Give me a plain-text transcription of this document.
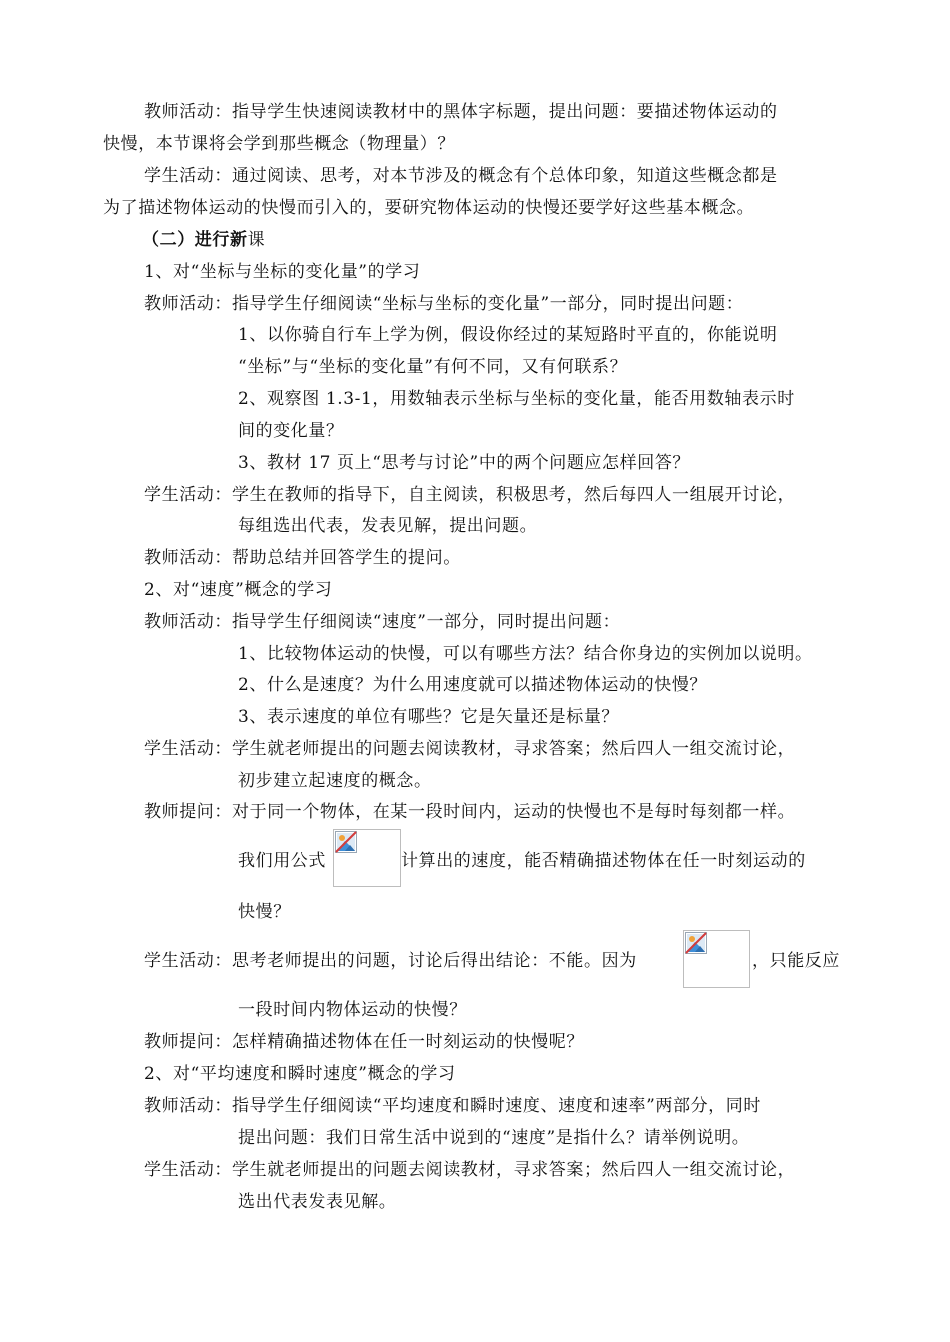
教师活动：指导学生快速阅读教材中的黑体字标题，提出问题：要描述物体运动的
快慢，本节课将会学到那些概念（物理量）？
学生活动：通过阅读、思考，对本节涉及的概念有个总体印象，知道这些概念都是
为了描述物体运动的快慢而引入的，要研究物体运动的快慢还要学好这些基本概念。
（二）进行新课
1、对“坐标与坐标的变化量”的学习
教师活动：指导学生仔细阅读“坐标与坐标的变化量”一部分，同时提出问题：
1、以你骑自行车上学为例，假设你经过的某短路时平直的，你能说明
“坐标”与“坐标的变化量”有何不同，又有何联系？
2、观察图 1.3-1，用数轴表示坐标与坐标的变化量，能否用数轴表示时
间的变化量？
3、教材 17 页上“思考与讨论”中的两个问题应怎样回答？
学生活动：学生在教师的指导下，自主阅读，积极思考，然后每四人一组展开讨论，
每组选出代表，发表见解，提出问题。
教师活动：帮助总结并回答学生的提问。
2、对“速度”概念的学习
教师活动：指导学生仔细阅读“速度”一部分，同时提出问题：
1、比较物体运动的快慢，可以有哪些方法？结合你身边的实例加以说明。
2、什么是速度？为什么用速度就可以描述物体运动的快慢？
3、表示速度的单位有哪些？它是矢量还是标量？
学生活动：学生就老师提出的问题去阅读教材，寻求答案；然后四人一组交流讨论，
初步建立起速度的概念。
教师提问：对于同一个物体，在某一段时间内，运动的快慢也不是每时每刻都一样。
我们用公式	计算出的速度，能否精确描述物体在任一时刻运动的
快慢？
学生活动：思考老师提出的问题，讨论后得出结论：不能。因为	，只能反应
一段时间内物体运动的快慢？
教师提问：怎样精确描述物体在任一时刻运动的快慢呢？
2、对“平均速度和瞬时速度”概念的学习
教师活动：指导学生仔细阅读“平均速度和瞬时速度、速度和速率”两部分，同时
提出问题：我们日常生活中说到的“速度”是指什么？请举例说明。
学生活动：学生就老师提出的问题去阅读教材，寻求答案；然后四人一组交流讨论，
选出代表发表见解。
